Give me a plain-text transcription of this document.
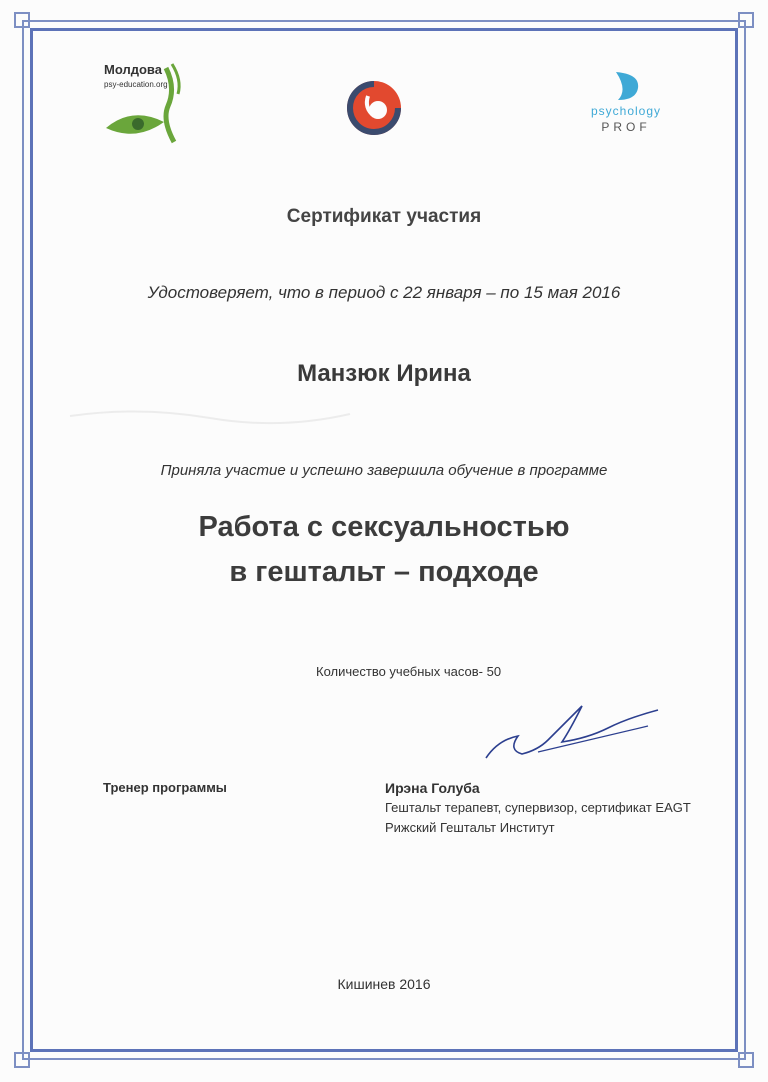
Молдова
psy-education.org
psychology
PROF
Сертификат участия
Удостоверяет, что в период с 22 января – по 15 мая 2016
Манзюк Ирина
Приняла участие и успешно завершила обучение в программе
Работа с сексуальностью
в гештальт – подходе
Количество учебных часов- 50
Тренер программы	Ирэна Голуба
Гештальт терапевт, супервизор, сертификат EAGT
Рижский Гештальт Институт
Кишинев 2016
